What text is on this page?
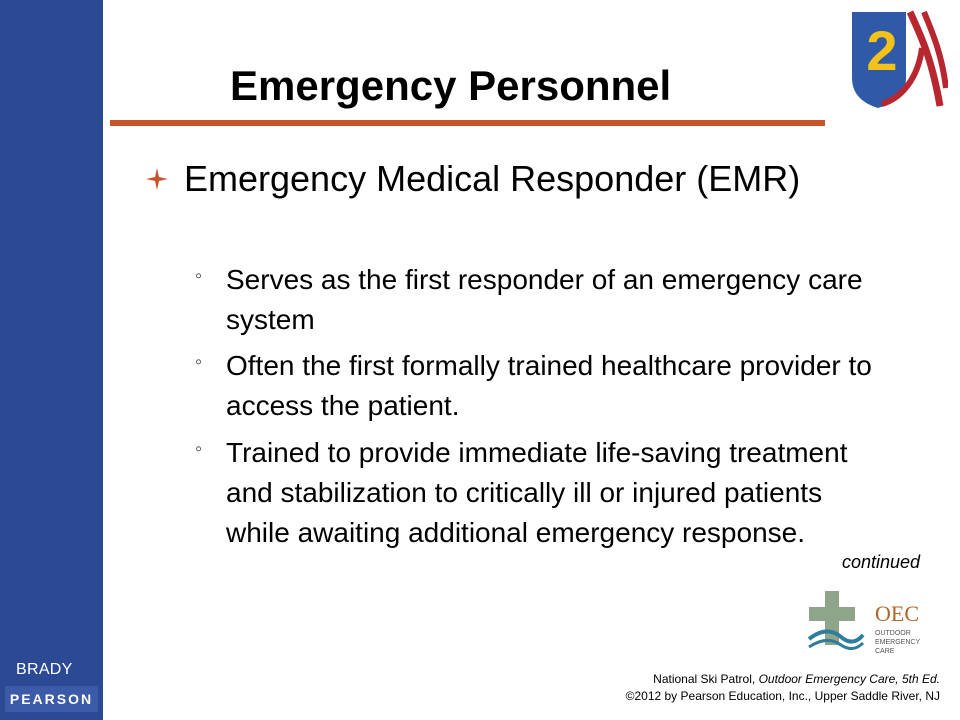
BRADY
PEARSON
Emergency Personnel
2
Emergency Medical Responder (EMR)
◦ Serves as the first responder of an emergency care system
◦ Often the first formally trained healthcare provider to access the patient.
◦ Trained to provide immediate life-saving treatment and stabilization to critically ill or injured patients while awaiting additional emergency response.
continued
OEC
OUTDOOR
EMERGENCY
CARE
National Ski Patrol, Outdoor Emergency Care, 5th Ed.
©2012 by Pearson Education, Inc., Upper Saddle River, NJ
